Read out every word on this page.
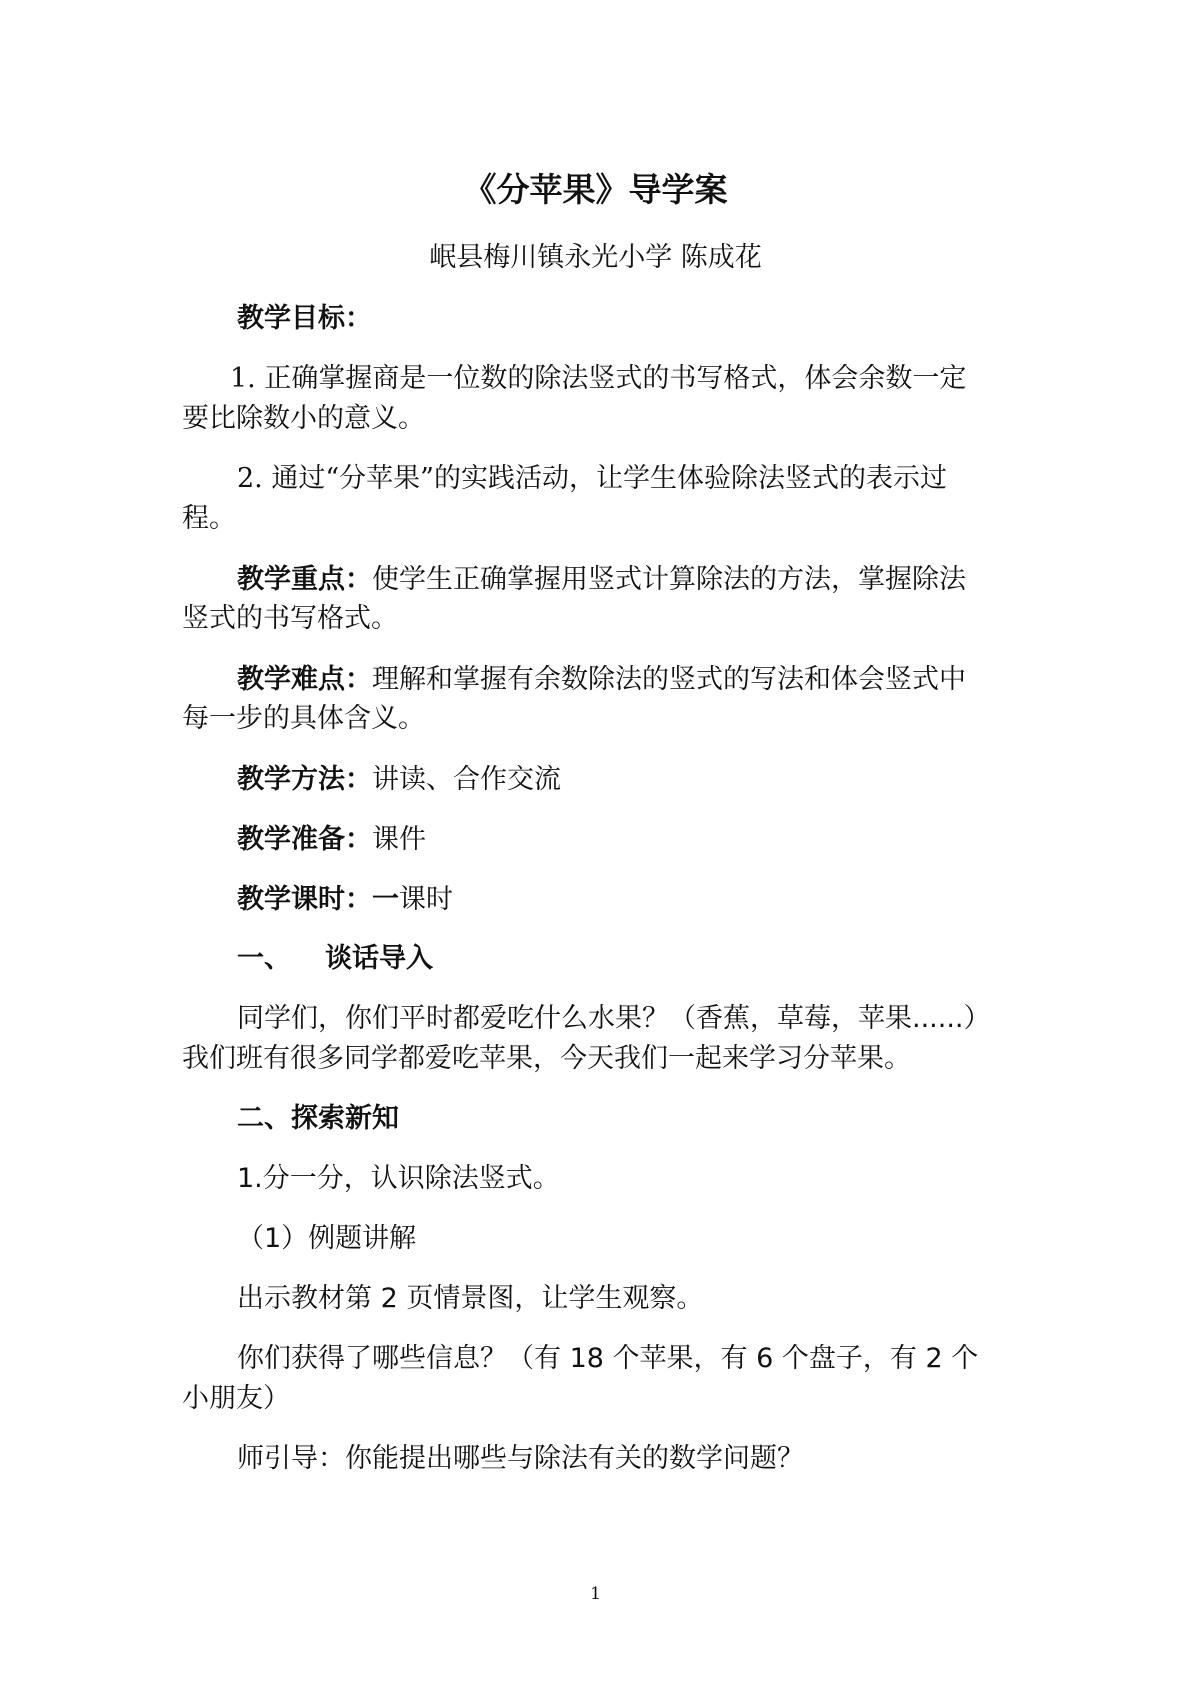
《分苹果》导学案
岷县梅川镇永光小学 陈成花
教学目标：
1. 正确掌握商是一位数的除法竖式的书写格式，体会余数一定
要比除数小的意义。
2. 通过“分苹果”的实践活动，让学生体验除法竖式的表示过
程。
教学重点：使学生正确掌握用竖式计算除法的方法，掌握除法
竖式的书写格式。
教学难点：理解和掌握有余数除法的竖式的写法和体会竖式中
每一步的具体含义。
教学方法：讲读、合作交流
教学准备：课件
教学课时：一课时
一、 谈话导入
同学们，你们平时都爱吃什么水果？（香蕉，草莓，苹果......）
我们班有很多同学都爱吃苹果，今天我们一起来学习分苹果。
二、探索新知
1.分一分，认识除法竖式。
（1）例题讲解
出示教材第 2 页情景图，让学生观察。
你们获得了哪些信息？（有 18 个苹果，有 6 个盘子，有 2 个
小朋友）
师引导：你能提出哪些与除法有关的数学问题？
1
